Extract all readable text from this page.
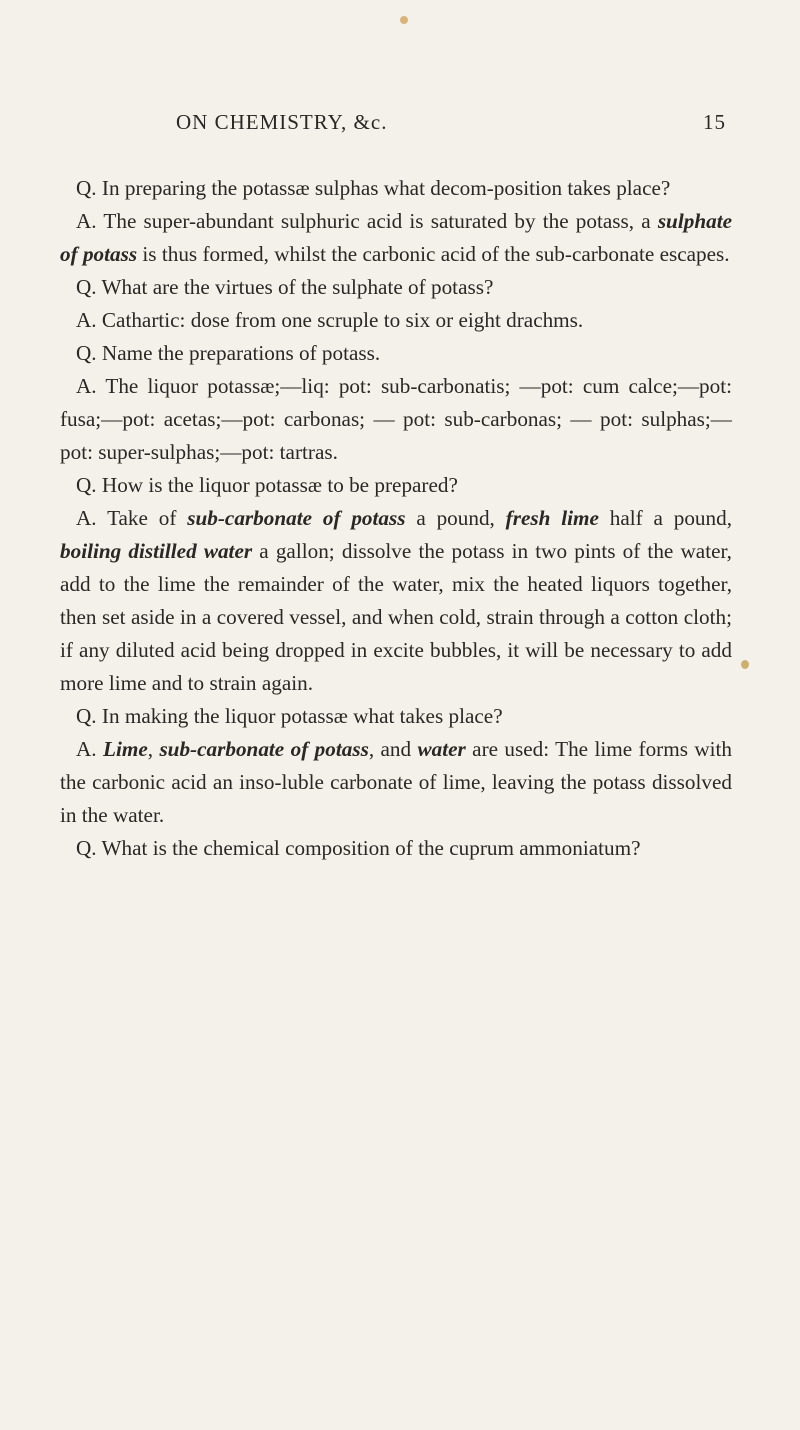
ON CHEMISTRY, &c.	15

Q. In preparing the potassæ sulphas what decom-position takes place?

A. The super-abundant sulphuric acid is saturated by the potass, a sulphate of potass is thus formed, whilst the carbonic acid of the sub-carbonate escapes.

Q. What are the virtues of the sulphate of potass?

A. Cathartic: dose from one scruple to six or eight drachms.

Q. Name the preparations of potass.

A. The liquor potassæ;—liq: pot: sub-carbonatis; —pot: cum calce;—pot: fusa;—pot: acetas;—pot: carbonas; — pot: sub-carbonas; — pot: sulphas;— pot: super-sulphas;—pot: tartras.

Q. How is the liquor potassæ to be prepared?

A. Take of sub-carbonate of potass a pound, fresh lime half a pound, boiling distilled water a gallon; dissolve the potass in two pints of the water, add to the lime the remainder of the water, mix the heated liquors together, then set aside in a covered vessel, and when cold, strain through a cotton cloth; if any diluted acid being dropped in excite bubbles, it will be necessary to add more lime and to strain again.

Q. In making the liquor potassæ what takes place?

A. Lime, sub-carbonate of potass, and water are used: The lime forms with the carbonic acid an inso-luble carbonate of lime, leaving the potass dissolved in the water.

Q. What is the chemical composition of the cuprum ammoniatum?
